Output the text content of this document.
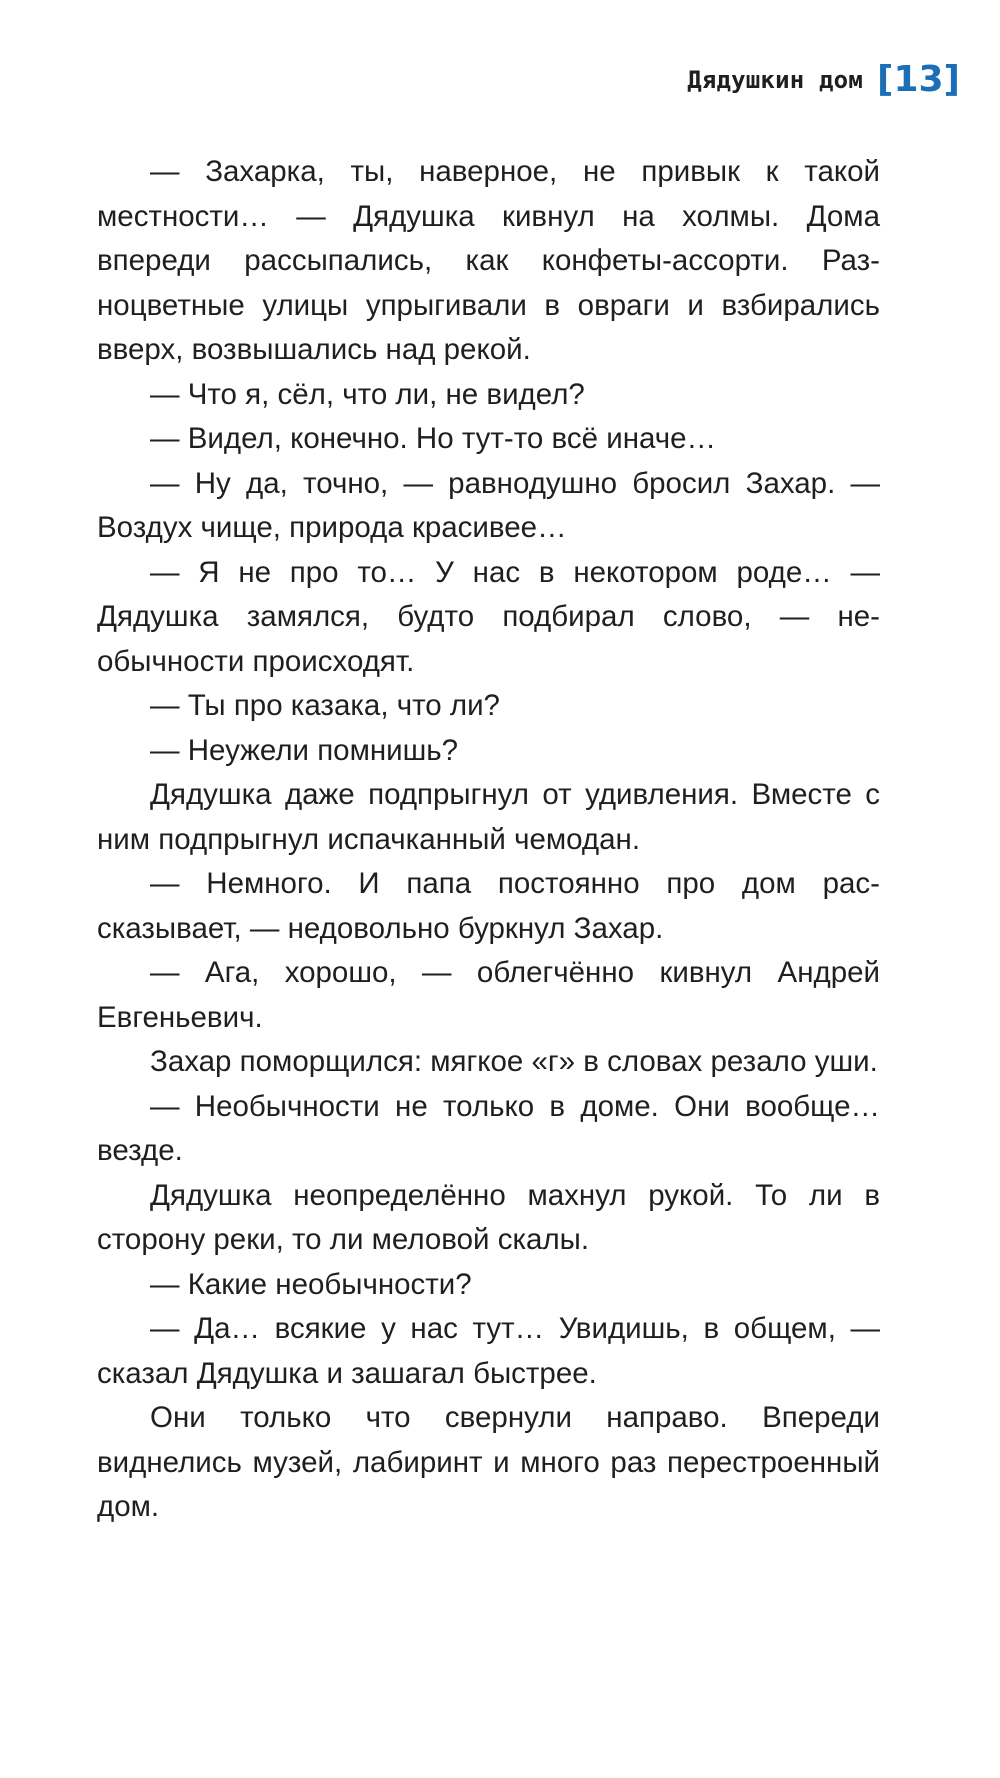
Дядушкин дом [13]

— Захарка, ты, наверное, не привык к такой местности… — Дядушка кивнул на холмы. Дома впереди рассыпались, как конфеты-ассорти. Разноцветные улицы упрыгивали в овраги и взбирались вверх, возвышались над рекой.

— Что я, сёл, что ли, не видел?

— Видел, конечно. Но тут-то всё иначе…

— Ну да, точно, — равнодушно бросил Захар. — Воздух чище, природа красивее…

— Я не про то… У нас в некотором роде… — Дядушка замялся, будто подбирал слово, — необычности происходят.

— Ты про казака, что ли?

— Неужели помнишь?

Дядушка даже подпрыгнул от удивления. Вместе с ним подпрыгнул испачканный чемодан.

— Немного. И папа постоянно про дом рассказывает, — недовольно буркнул Захар.

— Ага, хорошо, — облегчённо кивнул Андрей Евгеньевич.

Захар поморщился: мягкое «г» в словах резало уши.

— Необычности не только в доме. Они вообще… везде.

Дядушка неопределённо махнул рукой. То ли в сторону реки, то ли меловой скалы.

— Какие необычности?

— Да… всякие у нас тут… Увидишь, в общем, — сказал Дядушка и зашагал быстрее.

Они только что свернули направо. Впереди виднелись музей, лабиринт и много раз перестроенный дом.
